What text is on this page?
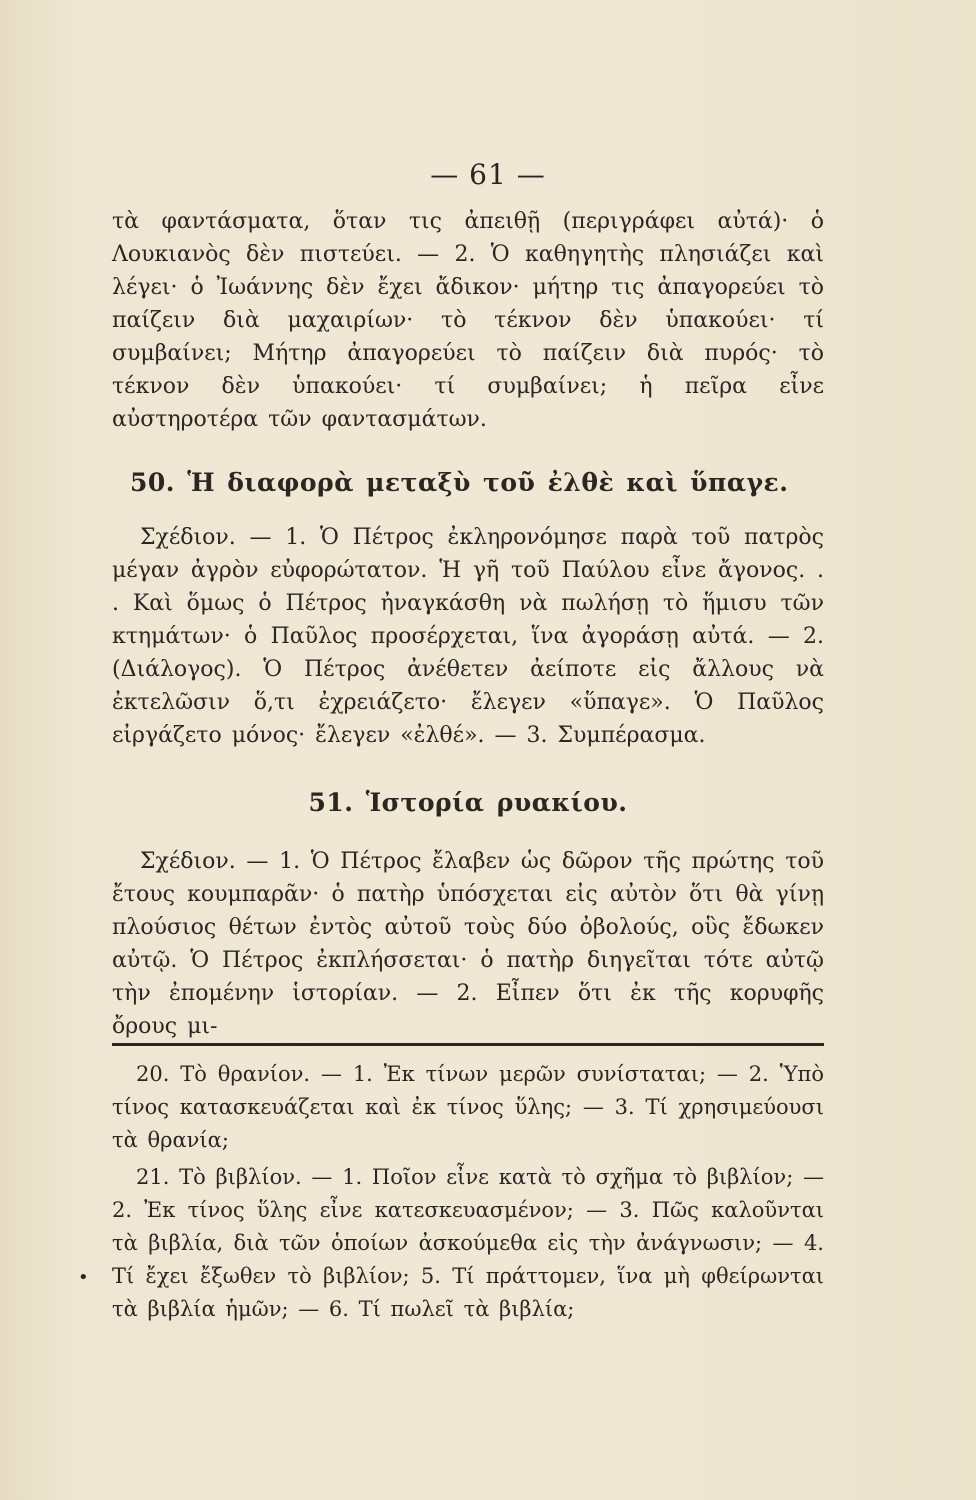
— 61 —

τὰ φαντάσματα, ὅταν τις ἀπειθῇ (περιγράφει αὐτά)· ὁ Λουκιανὸς δὲν πιστεύει. — 2. Ὁ καθηγητὴς πλησιάζει καὶ λέγει· ὁ Ἰωάννης δὲν ἔχει ἄδικον· μήτηρ τις ἀπαγορεύει τὸ παίζειν διὰ μαχαιρίων· τὸ τέκνον δὲν ὑπακούει· τί συμβαίνει; Μήτηρ ἀπαγορεύει τὸ παίζειν διὰ πυρός· τὸ τέκνον δὲν ὑπακούει· τί συμβαίνει; ἡ πεῖρα εἶνε αὐστηροτέρα τῶν φαντασμάτων.

50. Ἡ διαφορὰ μεταξὺ τοῦ ἐλθὲ καὶ ὕπαγε.

Σχέδιον. — 1. Ὁ Πέτρος ἐκληρονόμησε παρὰ τοῦ πατρὸς μέγαν ἀγρὸν εὐφορώτατον. Ἡ γῆ τοῦ Παύλου εἶνε ἄγονος. . . Καὶ ὅμως ὁ Πέτρος ἠναγκάσθη νὰ πωλήσῃ τὸ ἥμισυ τῶν κτημάτων· ὁ Παῦλος προσέρχεται, ἵνα ἀγοράσῃ αὐτά. — 2. (Διάλογος). Ὁ Πέτρος ἀνέθετεν ἀείποτε εἰς ἄλλους νὰ ἐκτελῶσιν ὅ,τι ἐχρειάζετο· ἔλεγεν «ὕπαγε». Ὁ Παῦλος εἰργάζετο μόνος· ἔλεγεν «ἐλθέ». — 3. Συμπέρασμα.

51. Ἱστορία ρυακίου.

Σχέδιον. — 1. Ὁ Πέτρος ἔλαβεν ὡς δῶρον τῆς πρώτης τοῦ ἔτους κουμπαρᾶν· ὁ πατὴρ ὑπόσχεται εἰς αὐτὸν ὅτι θὰ γίνῃ πλούσιος θέτων ἐντὸς αὐτοῦ τοὺς δύο ὀβολούς, οὓς ἔδωκεν αὐτῷ. Ὁ Πέτρος ἐκπλήσσεται· ὁ πατὴρ διηγεῖται τότε αὐτῷ τὴν ἐπομένην ἱστορίαν. — 2. Εἶπεν ὅτι ἐκ τῆς κορυφῆς ὄρους μι-

20. Τὸ θρανίον. — 1. Ἐκ τίνων μερῶν συνίσταται; — 2. Ὑπὸ τίνος κατασκευάζεται καὶ ἐκ τίνος ὕλης; — 3. Τί χρησιμεύουσι τὰ θρανία;

21. Τὸ βιβλίον. — 1. Ποῖον εἶνε κατὰ τὸ σχῆμα τὸ βιβλίον; — 2. Ἐκ τίνος ὕλης εἶνε κατεσκευασμένον; — 3. Πῶς καλοῦνται τὰ βιβλία, διὰ τῶν ὁποίων ἀσκούμεθα εἰς τὴν ἀνάγνωσιν; — 4. Τί ἔχει ἔξωθεν τὸ βιβλίον; 5. Τί πράττομεν, ἵνα μὴ φθείρωνται τὰ βιβλία ἡμῶν; — 6. Τί πωλεῖ τὰ βιβλία;

•
